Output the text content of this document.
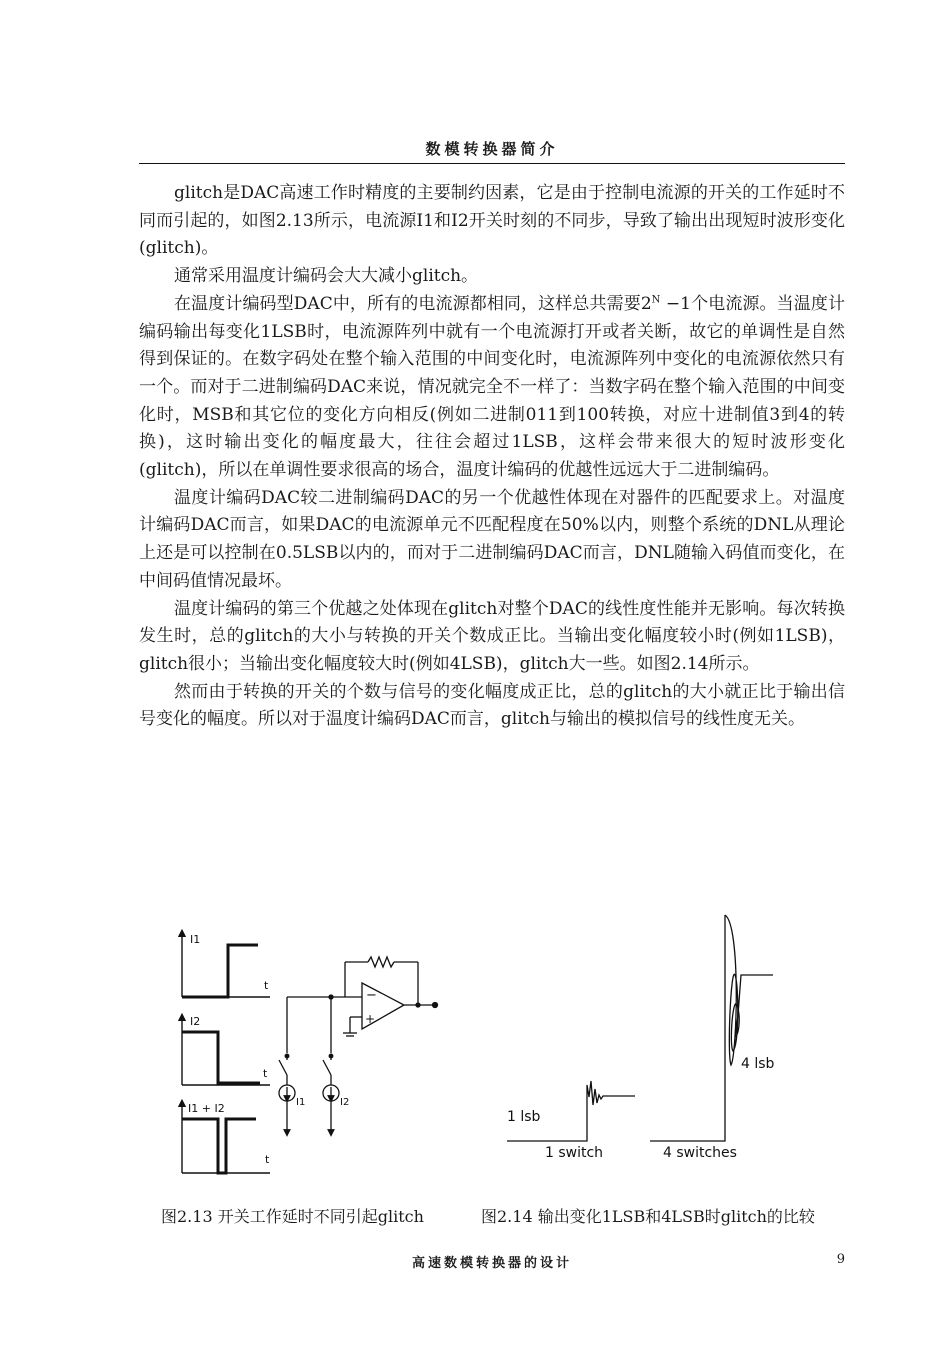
数模转换器简介

glitch是DAC高速工作时精度的主要制约因素，它是由于控制电流源的开关的工作延时不同而引起的，如图2.13所示，电流源I1和I2开关时刻的不同步，导致了输出出现短时波形变化(glitch)。

通常采用温度计编码会大大减小glitch。

在温度计编码型DAC中，所有的电流源都相同，这样总共需要$2^N -1$个电流源。当温度计编码输出每变化1LSB时，电流源阵列中就有一个电流源打开或者关断，故它的单调性是自然得到保证的。在数字码处在整个输入范围的中间变化时，电流源阵列中变化的电流源依然只有一个。而对于二进制编码DAC来说，情况就完全不一样了：当数字码在整个输入范围的中间变化时，MSB和其它位的变化方向相反(例如二进制011到100转换，对应十进制值3到4的转换)，这时输出变化的幅度最大，往往会超过1LSB，这样会带来很大的短时波形变化(glitch)，所以在单调性要求很高的场合，温度计编码的优越性远远大于二进制编码。

温度计编码DAC较二进制编码DAC的另一个优越性体现在对器件的匹配要求上。对温度计编码DAC而言，如果DAC的电流源单元不匹配程度在50%以内，则整个系统的DNL从理论上还是可以控制在0.5LSB以内的，而对于二进制编码DAC而言，DNL随输入码值而变化，在中间码值情况最坏。

温度计编码的第三个优越之处体现在glitch对整个DAC的线性度性能并无影响。每次转换发生时，总的glitch的大小与转换的开关个数成正比。当输出变化幅度较小时(例如1LSB)，glitch很小；当输出变化幅度较大时(例如4LSB)，glitch大一些。如图2.14所示。

然而由于转换的开关的个数与信号的变化幅度成正比，总的glitch的大小就正比于输出信号变化的幅度。所以对于温度计编码DAC而言，glitch与输出的模拟信号的线性度无关。

I1
t
I2
t
I1 + I2
t
−
+
I1	I2
4 lsb
1 lsb
1 switch	4 switches
图2.13 开关工作延时不同引起glitch	图2.14 输出变化1LSB和4LSB时glitch的比较
高速数模转换器的设计	9
